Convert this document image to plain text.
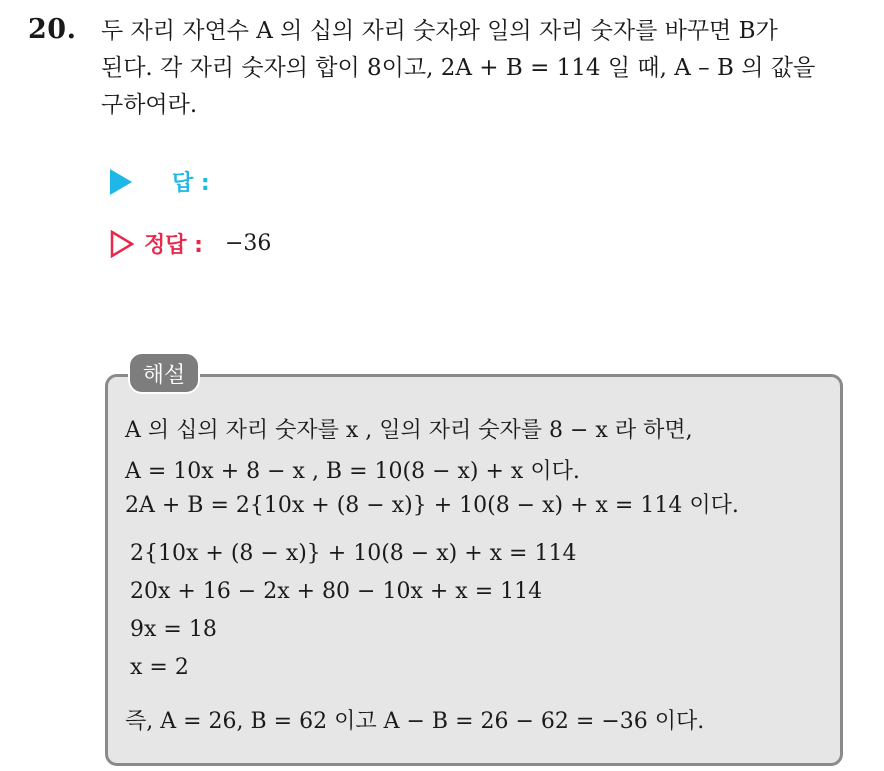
20. 두 자리 자연수 A 의 십의 자리 숫자와 일의 자리 숫자를 바꾸면 B가
된다. 각 자리 숫자의 합이 8이고, 2A + B = 114 일 때, A – B 의 값을
구하여라.
답 :
정답 : −36
해설
A 의 십의 자리 숫자를 x , 일의 자리 숫자를 8 − x 라 하면,
A = 10x + 8 − x , B = 10(8 − x) + x 이다.
2A + B = 2{10x + (8 − x)} + 10(8 − x) + x = 114 이다.
2{10x + (8 − x)} + 10(8 − x) + x = 114
20x + 16 − 2x + 80 − 10x + x = 114
9x = 18
x = 2
즉, A = 26, B = 62 이고 A − B = 26 − 62 = −36 이다.
